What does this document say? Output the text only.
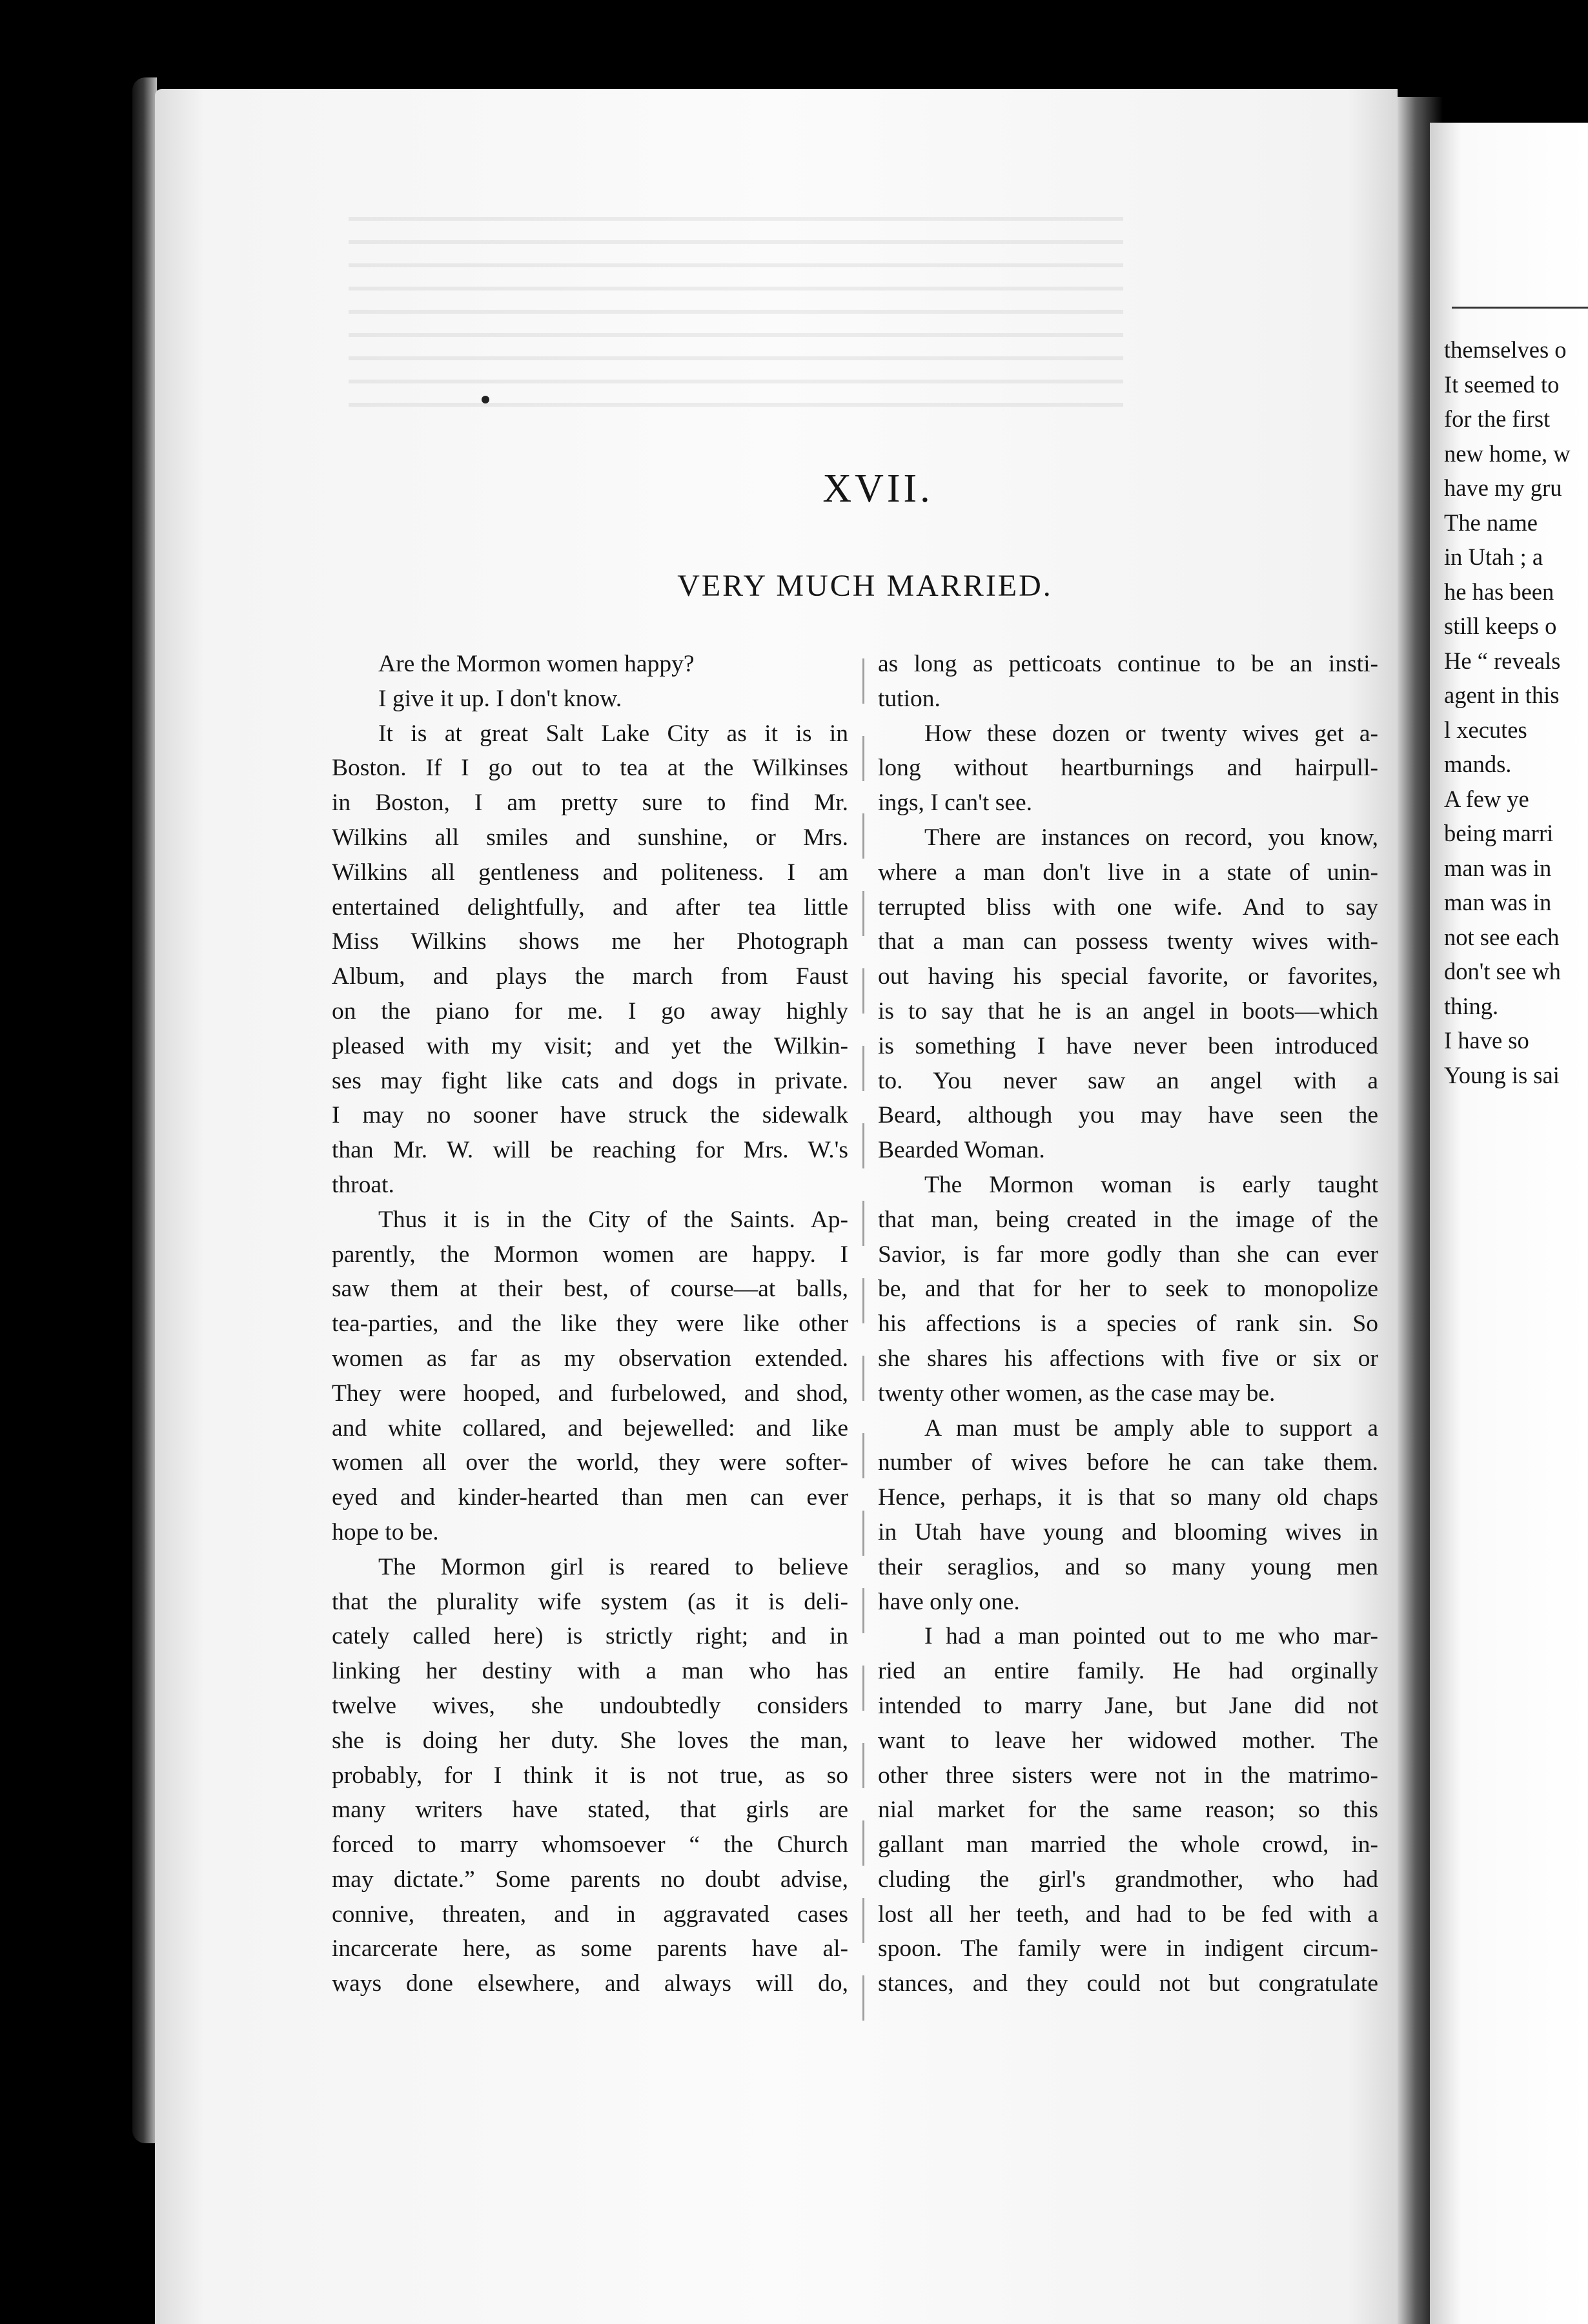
themselves o
It seemed to
for the first
new home, w
have my gru
The name
in Utah ; a
he has been
still keeps o
He “ reveals
agent in this
l xecutes
mands.
A few ye
being marri
man was in
man was in
not see each
don't see wh
thing.
I have so
Young is sai
XVII.
VERY MUCH MARRIED.
Are the Mormon women happy?
I give it up. I don't know.
It is at great Salt Lake City as it is in
Boston. If I go out to tea at the Wilkinses
in Boston, I am pretty sure to find Mr.
Wilkins all smiles and sunshine, or Mrs.
Wilkins all gentleness and politeness. I am
entertained delightfully, and after tea little
Miss Wilkins shows me her Photograph
Album, and plays the march from Faust
on the piano for me. I go away highly
pleased with my visit; and yet the Wilkin-
ses may fight like cats and dogs in private.
I may no sooner have struck the sidewalk
than Mr. W. will be reaching for Mrs. W.'s
throat.
Thus it is in the City of the Saints. Ap-
parently, the Mormon women are happy. I
saw them at their best, of course—at balls,
tea-parties, and the like they were like other
women as far as my observation extended.
They were hooped, and furbelowed, and shod,
and white collared, and bejewelled: and like
women all over the world, they were softer-
eyed and kinder-hearted than men can ever
hope to be.
The Mormon girl is reared to believe
that the plurality wife system (as it is deli-
cately called here) is strictly right; and in
linking her destiny with a man who has
twelve wives, she undoubtedly considers
she is doing her duty. She loves the man,
probably, for I think it is not true, as so
many writers have stated, that girls are
forced to marry whomsoever “ the Church
may dictate.” Some parents no doubt advise,
connive, threaten, and in aggravated cases
incarcerate here, as some parents have al-
ways done elsewhere, and always will do,
as long as petticoats continue to be an insti-
tution.
How these dozen or twenty wives get a-
long without heartburnings and hairpull-
ings, I can't see.
There are instances on record, you know,
where a man don't live in a state of unin-
terrupted bliss with one wife. And to say
that a man can possess twenty wives with-
out having his special favorite, or favorites,
is to say that he is an angel in boots—which
is something I have never been introduced
to. You never saw an angel with a
Beard, although you may have seen the
Bearded Woman.
The Mormon woman is early taught
that man, being created in the image of the
Savior, is far more godly than she can ever
be, and that for her to seek to monopolize
his affections is a species of rank sin. So
she shares his affections with five or six or
twenty other women, as the case may be.
A man must be amply able to support a
number of wives before he can take them.
Hence, perhaps, it is that so many old chaps
in Utah have young and blooming wives in
their seraglios, and so many young men
have only one.
I had a man pointed out to me who mar-
ried an entire family. He had orginally
intended to marry Jane, but Jane did not
want to leave her widowed mother. The
other three sisters were not in the matrimo-
nial market for the same reason; so this
gallant man married the whole crowd, in-
cluding the girl's grandmother, who had
lost all her teeth, and had to be fed with a
spoon. The family were in indigent circum-
stances, and they could not but congratulate
